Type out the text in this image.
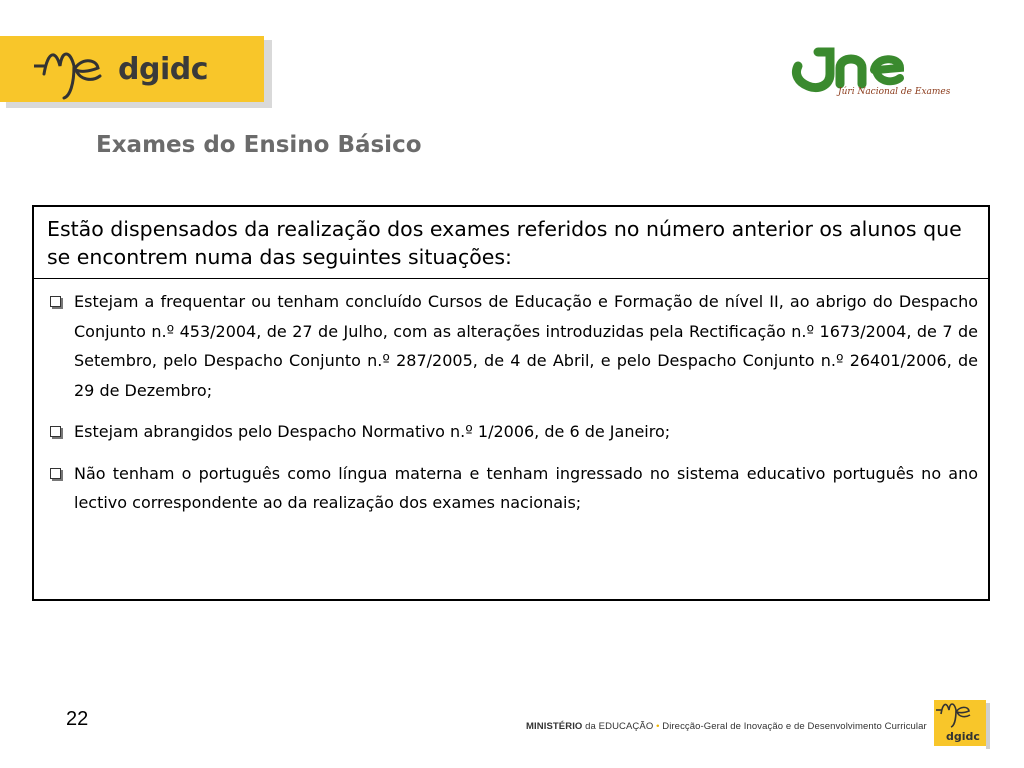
dgidc
Júri Nacional de Exames
Exames do Ensino Básico
Estão dispensados da realização dos exames referidos no número anterior os alunos que se encontrem numa das seguintes situações:
Estejam a frequentar ou tenham concluído Cursos de Educação e Formação de nível II, ao abrigo do Despacho Conjunto n.º 453/2004, de 27 de Julho, com as alterações introduzidas pela Rectificação n.º 1673/2004, de 7 de Setembro, pelo Despacho Conjunto n.º 287/2005, de 4 de Abril, e pelo Despacho Conjunto n.º 26401/2006, de 29 de Dezembro;
Estejam abrangidos pelo Despacho Normativo n.º 1/2006, de 6 de Janeiro;
Não tenham o português como língua materna e tenham ingressado no sistema educativo português no ano lectivo correspondente ao da realização dos exames nacionais;
22	MINISTÉRIO da EDUCAÇÃO • Direcção-Geral de Inovação e de Desenvolvimento Curricular
dgidc
